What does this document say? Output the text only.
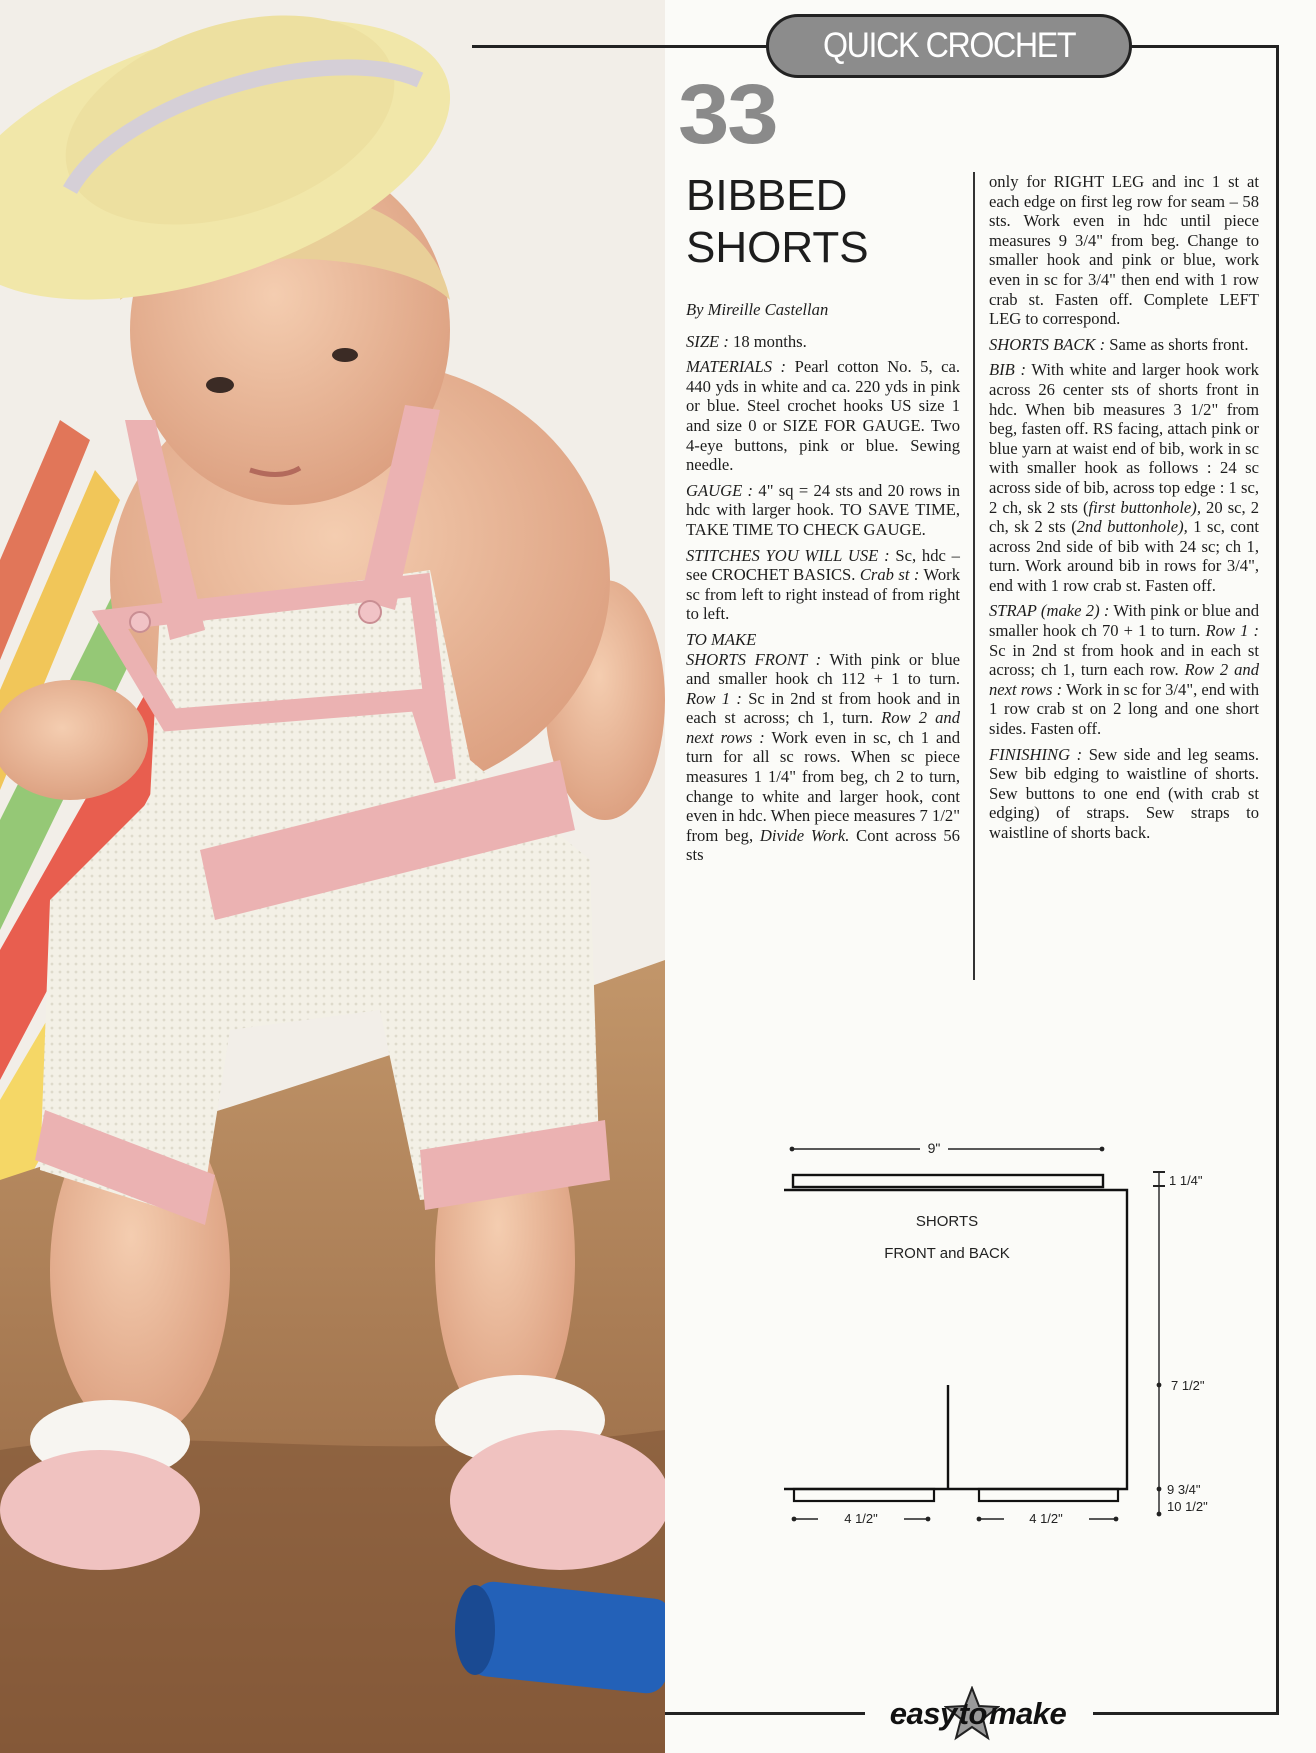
QUICK CROCHET
33
BIBBED
SHORTS

By Mireille Castellan

SIZE : 18 months.

MATERIALS : Pearl cotton No. 5, ca. 440 yds in white and ca. 220 yds in pink or blue. Steel crochet hooks US size 1 and size 0 or SIZE FOR GAUGE. Two 4-eye buttons, pink or blue. Sewing needle.

GAUGE : 4" sq = 24 sts and 20 rows in hdc with larger hook. TO SAVE TIME, TAKE TIME TO CHECK GAUGE.

STITCHES YOU WILL USE : Sc, hdc – see CROCHET BASICS. Crab st : Work sc from left to right instead of from right to left.

TO MAKE
SHORTS FRONT : With pink or blue and smaller hook ch 112 + 1 to turn. Row 1 : Sc in 2nd st from hook and in each st across; ch 1, turn. Row 2 and next rows : Work even in sc, ch 1 and turn for all sc rows. When sc piece measures 1 1/4" from beg, ch 2 to turn, change to white and larger hook, cont even in hdc. When piece measures 7 1/2" from beg, Divide Work. Cont across 56 sts

only for RIGHT LEG and inc 1 st at each edge on first leg row for seam – 58 sts. Work even in hdc until piece measures 9 3/4" from beg. Change to smaller hook and pink or blue, work even in sc for 3/4" then end with 1 row crab st. Fasten off. Complete LEFT LEG to correspond.

SHORTS BACK : Same as shorts front.

BIB : With white and larger hook work across 26 center sts of shorts front in hdc. When bib measures 3 1/2" from beg, fasten off. RS facing, attach pink or blue yarn at waist end of bib, work in sc with smaller hook as follows : 24 sc across side of bib, across top edge : 1 sc, 2 ch, sk 2 sts (first buttonhole), 20 sc, 2 ch, sk 2 sts (2nd buttonhole), 1 sc, cont across 2nd side of bib with 24 sc; ch 1, turn. Work around bib in rows for 3/4", end with 1 row crab st. Fasten off.

STRAP (make 2) : With pink or blue and smaller hook ch 70 + 1 to turn. Row 1 : Sc in 2nd st from hook and in each st across; ch 1, turn each row. Row 2 and next rows : Work in sc for 3/4", end with 1 row crab st on 2 long and one short sides. Fasten off.

FINISHING : Sew side and leg seams. Sew bib edging to waistline of shorts. Sew buttons to one end (with crab st edging) of straps. Sew straps to waistline of shorts back.

9"
SHORTS
FRONT and BACK
1 1/4"
7 1/2"
9 3/4"
10 1/2"
4 1/2"	4 1/2"
easy to make
